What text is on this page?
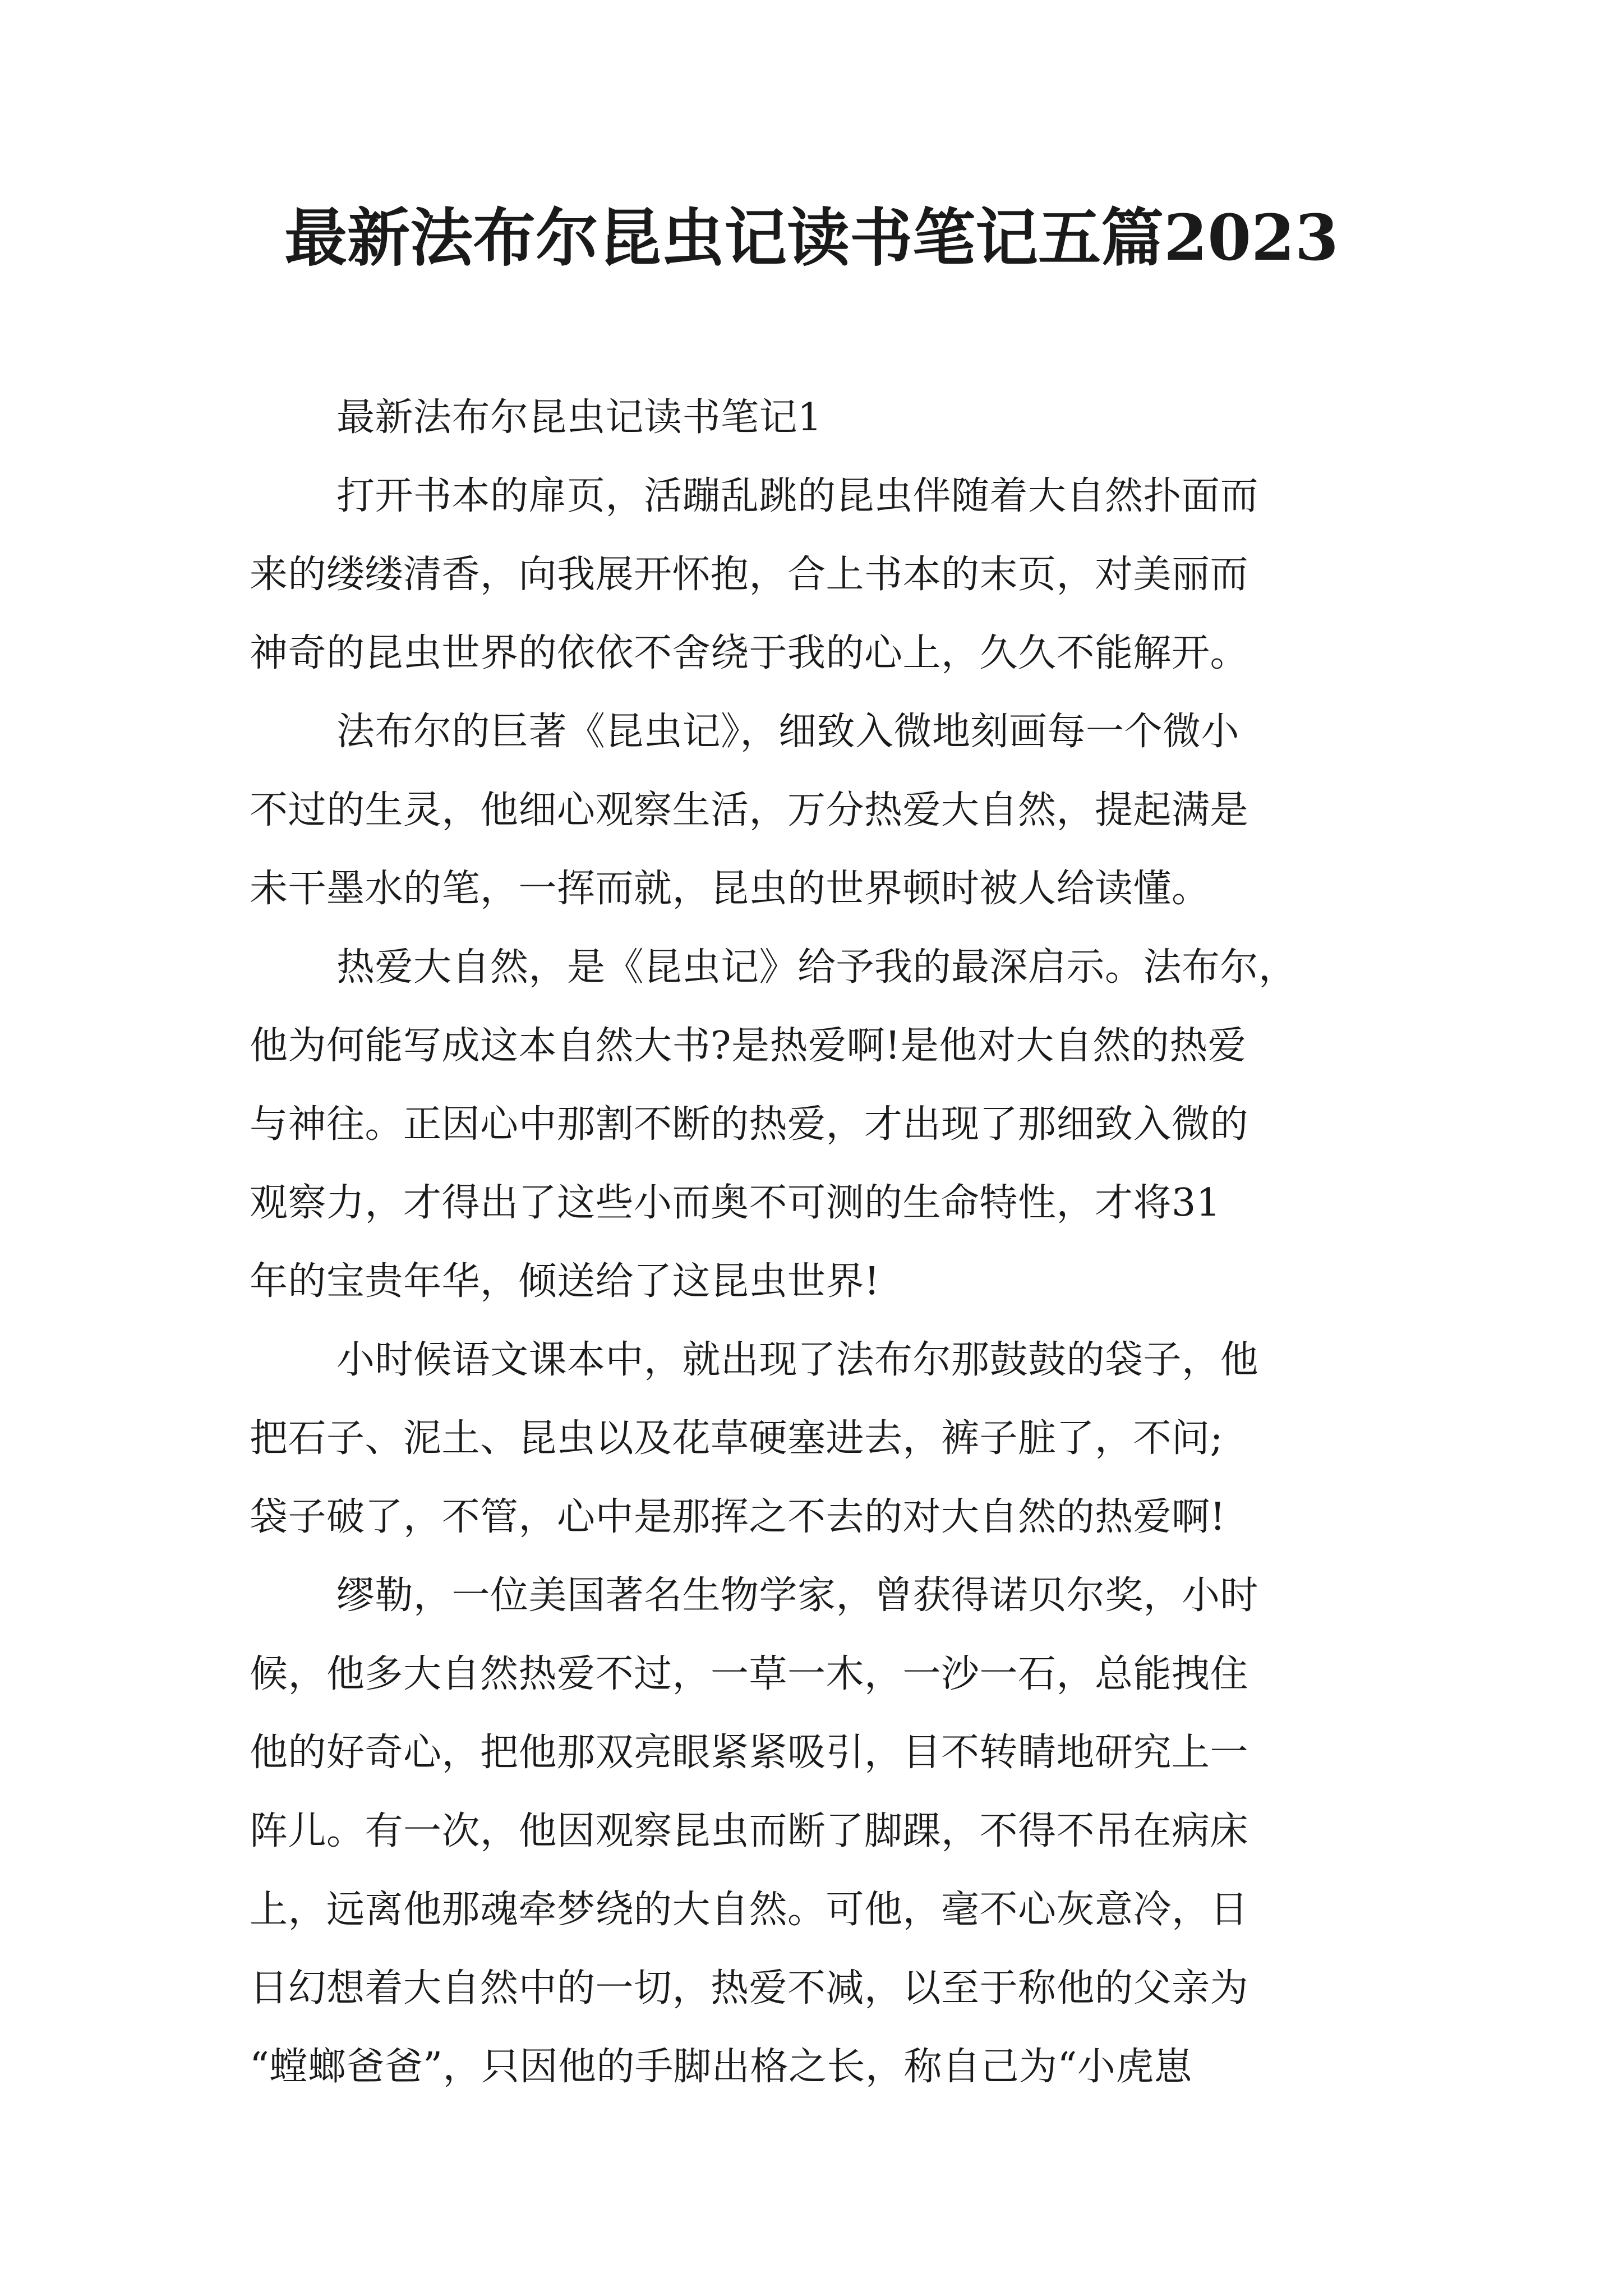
最新法布尔昆虫记读书笔记五篇2023
最新法布尔昆虫记读书笔记1
打开书本的扉页，活蹦乱跳的昆虫伴随着大自然扑面而
来的缕缕清香，向我展开怀抱，合上书本的末页，对美丽而
神奇的昆虫世界的依依不舍绕于我的心上，久久不能解开。
法布尔的巨著《昆虫记》，细致入微地刻画每一个微小
不过的生灵，他细心观察生活，万分热爱大自然，提起满是
未干墨水的笔，一挥而就，昆虫的世界顿时被人给读懂。
热爱大自然，是《昆虫记》给予我的最深启示。法布尔，
他为何能写成这本自然大书?是热爱啊!是他对大自然的热爱
与神往。正因心中那割不断的热爱，才出现了那细致入微的
观察力，才得出了这些小而奥不可测的生命特性，才将31
年的宝贵年华，倾送给了这昆虫世界!
小时候语文课本中，就出现了法布尔那鼓鼓的袋子，他
把石子、泥土、昆虫以及花草硬塞进去，裤子脏了，不问;
袋子破了，不管，心中是那挥之不去的对大自然的热爱啊!
缪勒，一位美国著名生物学家，曾获得诺贝尔奖，小时
候，他多大自然热爱不过，一草一木，一沙一石，总能拽住
他的好奇心，把他那双亮眼紧紧吸引，目不转睛地研究上一
阵儿。有一次，他因观察昆虫而断了脚踝，不得不吊在病床
上，远离他那魂牵梦绕的大自然。可他，毫不心灰意冷，日
日幻想着大自然中的一切，热爱不减，以至于称他的父亲为
“螳螂爸爸”，只因他的手脚出格之长，称自己为“小虎崽
